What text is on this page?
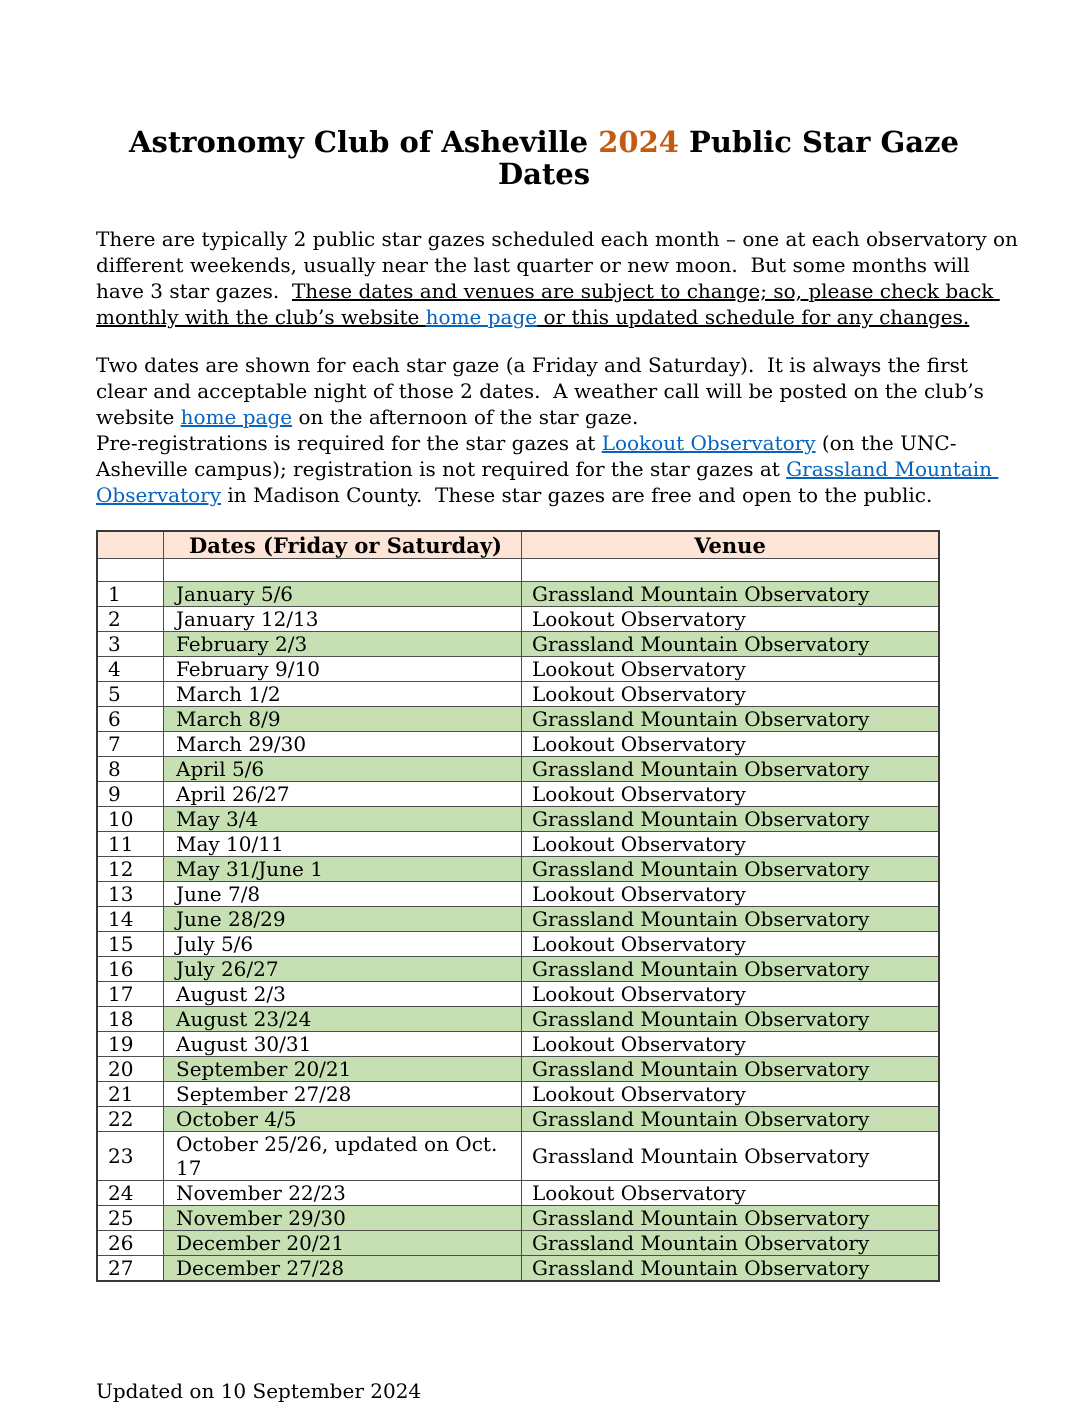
Astronomy Club of Asheville 2024 Public Star Gaze Dates

There are typically 2 public star gazes scheduled each month – one at each observatory on different weekends, usually near the last quarter or new moon.  But some months will have 3 star gazes.  These dates and venues are subject to change; so, please check back monthly with the club’s website home page or this updated schedule for any changes.

Two dates are shown for each star gaze (a Friday and Saturday).  It is always the first clear and acceptable night of those 2 dates.  A weather call will be posted on the club’s website home page on the afternoon of the star gaze.

Pre-registrations is required for the star gazes at Lookout Observatory (on the UNC-Asheville campus); registration is not required for the star gazes at Grassland Mountain Observatory in Madison County.  These star gazes are free and open to the public.

	Dates (Friday or Saturday)	Venue

1	January 5/6	Grassland Mountain Observatory
2	January 12/13	Lookout Observatory
3	February 2/3	Grassland Mountain Observatory
4	February 9/10	Lookout Observatory
5	March 1/2	Lookout Observatory
6	March 8/9	Grassland Mountain Observatory
7	March 29/30	Lookout Observatory
8	April 5/6	Grassland Mountain Observatory
9	April 26/27	Lookout Observatory
10	May 3/4	Grassland Mountain Observatory
11	May 10/11	Lookout Observatory
12	May 31/June 1	Grassland Mountain Observatory
13	June 7/8	Lookout Observatory
14	June 28/29	Grassland Mountain Observatory
15	July 5/6	Lookout Observatory
16	July 26/27	Grassland Mountain Observatory
17	August 2/3	Lookout Observatory
18	August 23/24	Grassland Mountain Observatory
19	August 30/31	Lookout Observatory
20	September 20/21	Grassland Mountain Observatory
21	September 27/28	Lookout Observatory
22	October 4/5	Grassland Mountain Observatory
23	October 25/26, updated on Oct. 17	Grassland Mountain Observatory
24	November 22/23	Lookout Observatory
25	November 29/30	Grassland Mountain Observatory
26	December 20/21	Grassland Mountain Observatory
27	December 27/28	Grassland Mountain Observatory
Updated on 10 September 2024
